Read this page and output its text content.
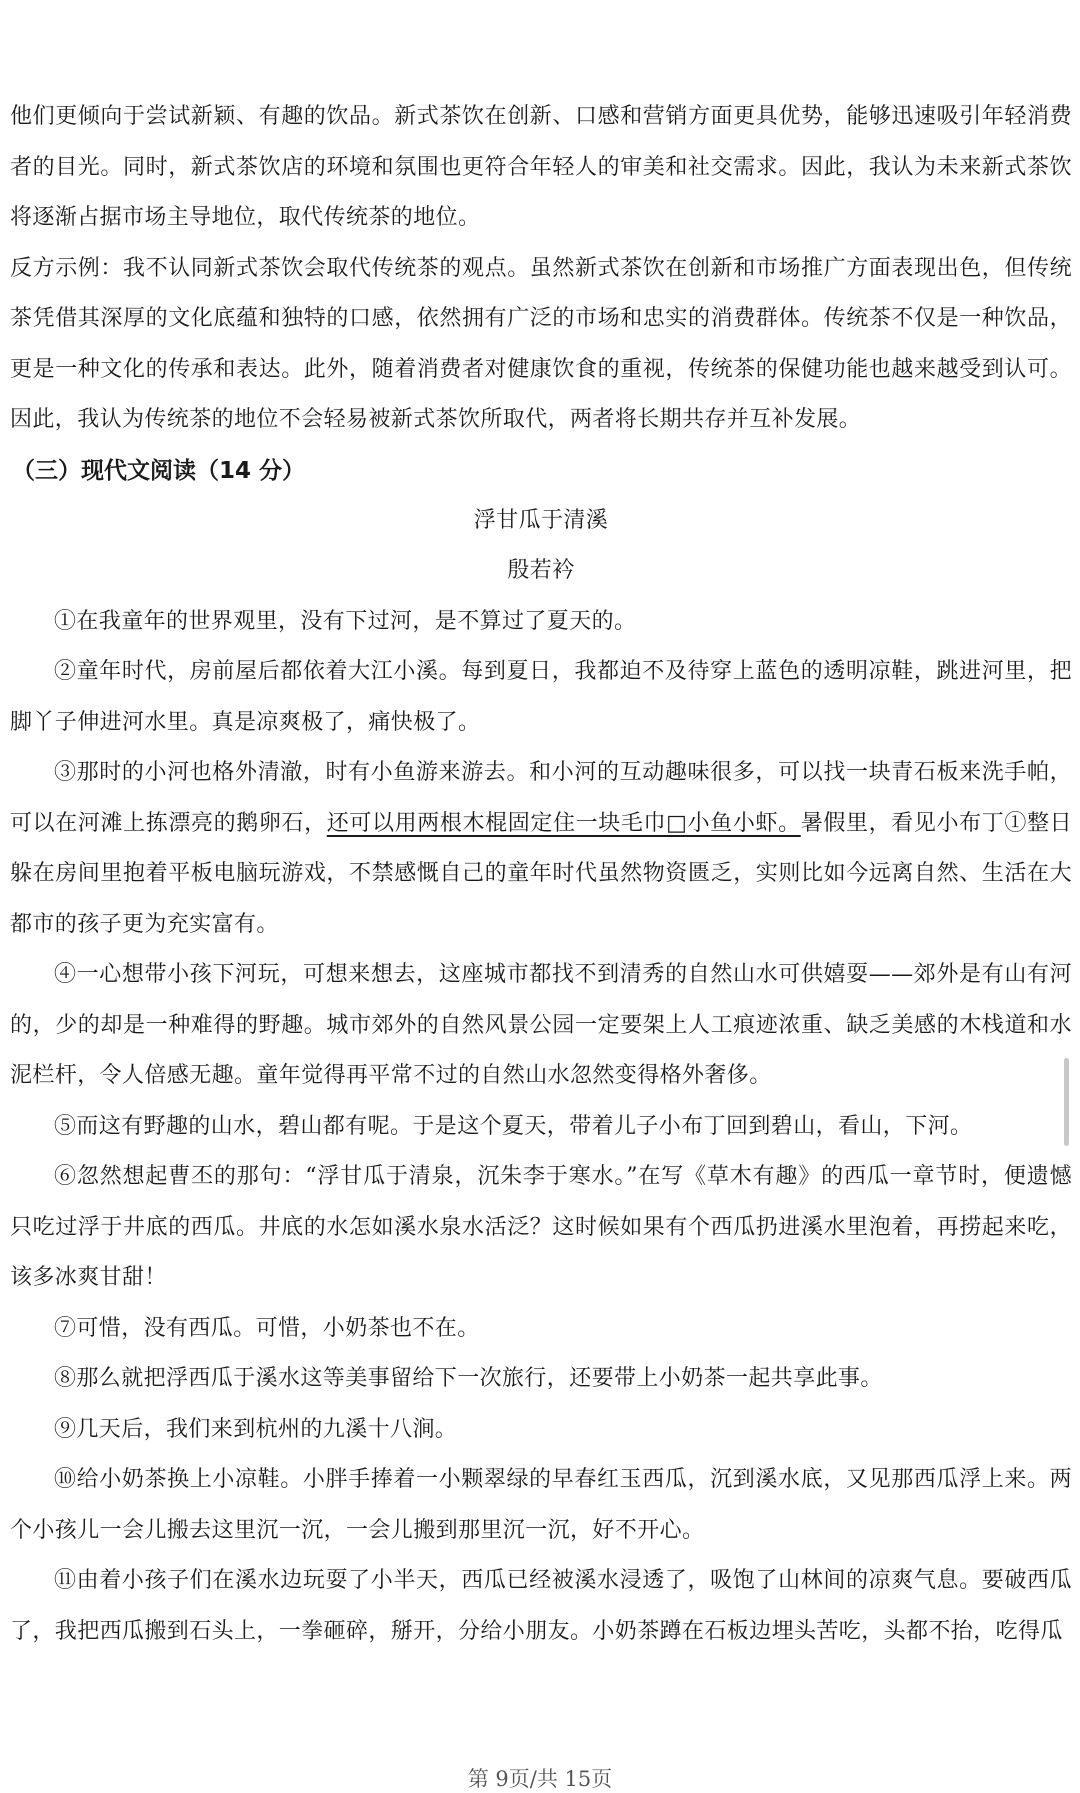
他们更倾向于尝试新颖、有趣的饮品。新式茶饮在创新、口感和营销方面更具优势，能够迅速吸引年轻消费者的目光。同时，新式茶饮店的环境和氛围也更符合年轻人的审美和社交需求。因此，我认为未来新式茶饮将逐渐占据市场主导地位，取代传统茶的地位。

反方示例：我不认同新式茶饮会取代传统茶的观点。虽然新式茶饮在创新和市场推广方面表现出色，但传统茶凭借其深厚的文化底蕴和独特的口感，依然拥有广泛的市场和忠实的消费群体。传统茶不仅是一种饮品，更是一种文化的传承和表达。此外，随着消费者对健康饮食的重视，传统茶的保健功能也越来越受到认可。因此，我认为传统茶的地位不会轻易被新式茶饮所取代，两者将长期共存并互补发展。

（三）现代文阅读（14 分）

浮甘瓜于清溪

殷若衿

①在我童年的世界观里，没有下过河，是不算过了夏天的。

②童年时代，房前屋后都依着大江小溪。每到夏日，我都迫不及待穿上蓝色的透明凉鞋，跳进河里，把脚丫子伸进河水里。真是凉爽极了，痛快极了。

③那时的小河也格外清澈，时有小鱼游来游去。和小河的互动趣味很多，可以找一块青石板来洗手帕，可以在河滩上拣漂亮的鹅卵石，还可以用两根木棍固定住一块毛巾□小鱼小虾。暑假里，看见小布丁①整日躲在房间里抱着平板电脑玩游戏，不禁感慨自己的童年时代虽然物资匮乏，实则比如今远离自然、生活在大都市的孩子更为充实富有。

④一心想带小孩下河玩，可想来想去，这座城市都找不到清秀的自然山水可供嬉耍——郊外是有山有河的，少的却是一种难得的野趣。城市郊外的自然风景公园一定要架上人工痕迹浓重、缺乏美感的木栈道和水泥栏杆，令人倍感无趣。童年觉得再平常不过的自然山水忽然变得格外奢侈。

⑤而这有野趣的山水，碧山都有呢。于是这个夏天，带着儿子小布丁回到碧山，看山，下河。

⑥忽然想起曹丕的那句：“浮甘瓜于清泉，沉朱李于寒水。”在写《草木有趣》的西瓜一章节时，便遗憾只吃过浮于井底的西瓜。井底的水怎如溪水泉水活泛？这时候如果有个西瓜扔进溪水里泡着，再捞起来吃，该多冰爽甘甜！

⑦可惜，没有西瓜。可惜，小奶茶也不在。

⑧那么就把浮西瓜于溪水这等美事留给下一次旅行，还要带上小奶茶一起共享此事。

⑨几天后，我们来到杭州的九溪十八涧。

⑩给小奶茶换上小凉鞋。小胖手捧着一小颗翠绿的早春红玉西瓜，沉到溪水底，又见那西瓜浮上来。两个小孩儿一会儿搬去这里沉一沉，一会儿搬到那里沉一沉，好不开心。

⑪由着小孩子们在溪水边玩耍了小半天，西瓜已经被溪水浸透了，吸饱了山林间的凉爽气息。要破西瓜了，我把西瓜搬到石头上，一拳砸碎，掰开，分给小朋友。小奶茶蹲在石板边埋头苦吃，头都不抬，吃得瓜

第 9页/共 15页
